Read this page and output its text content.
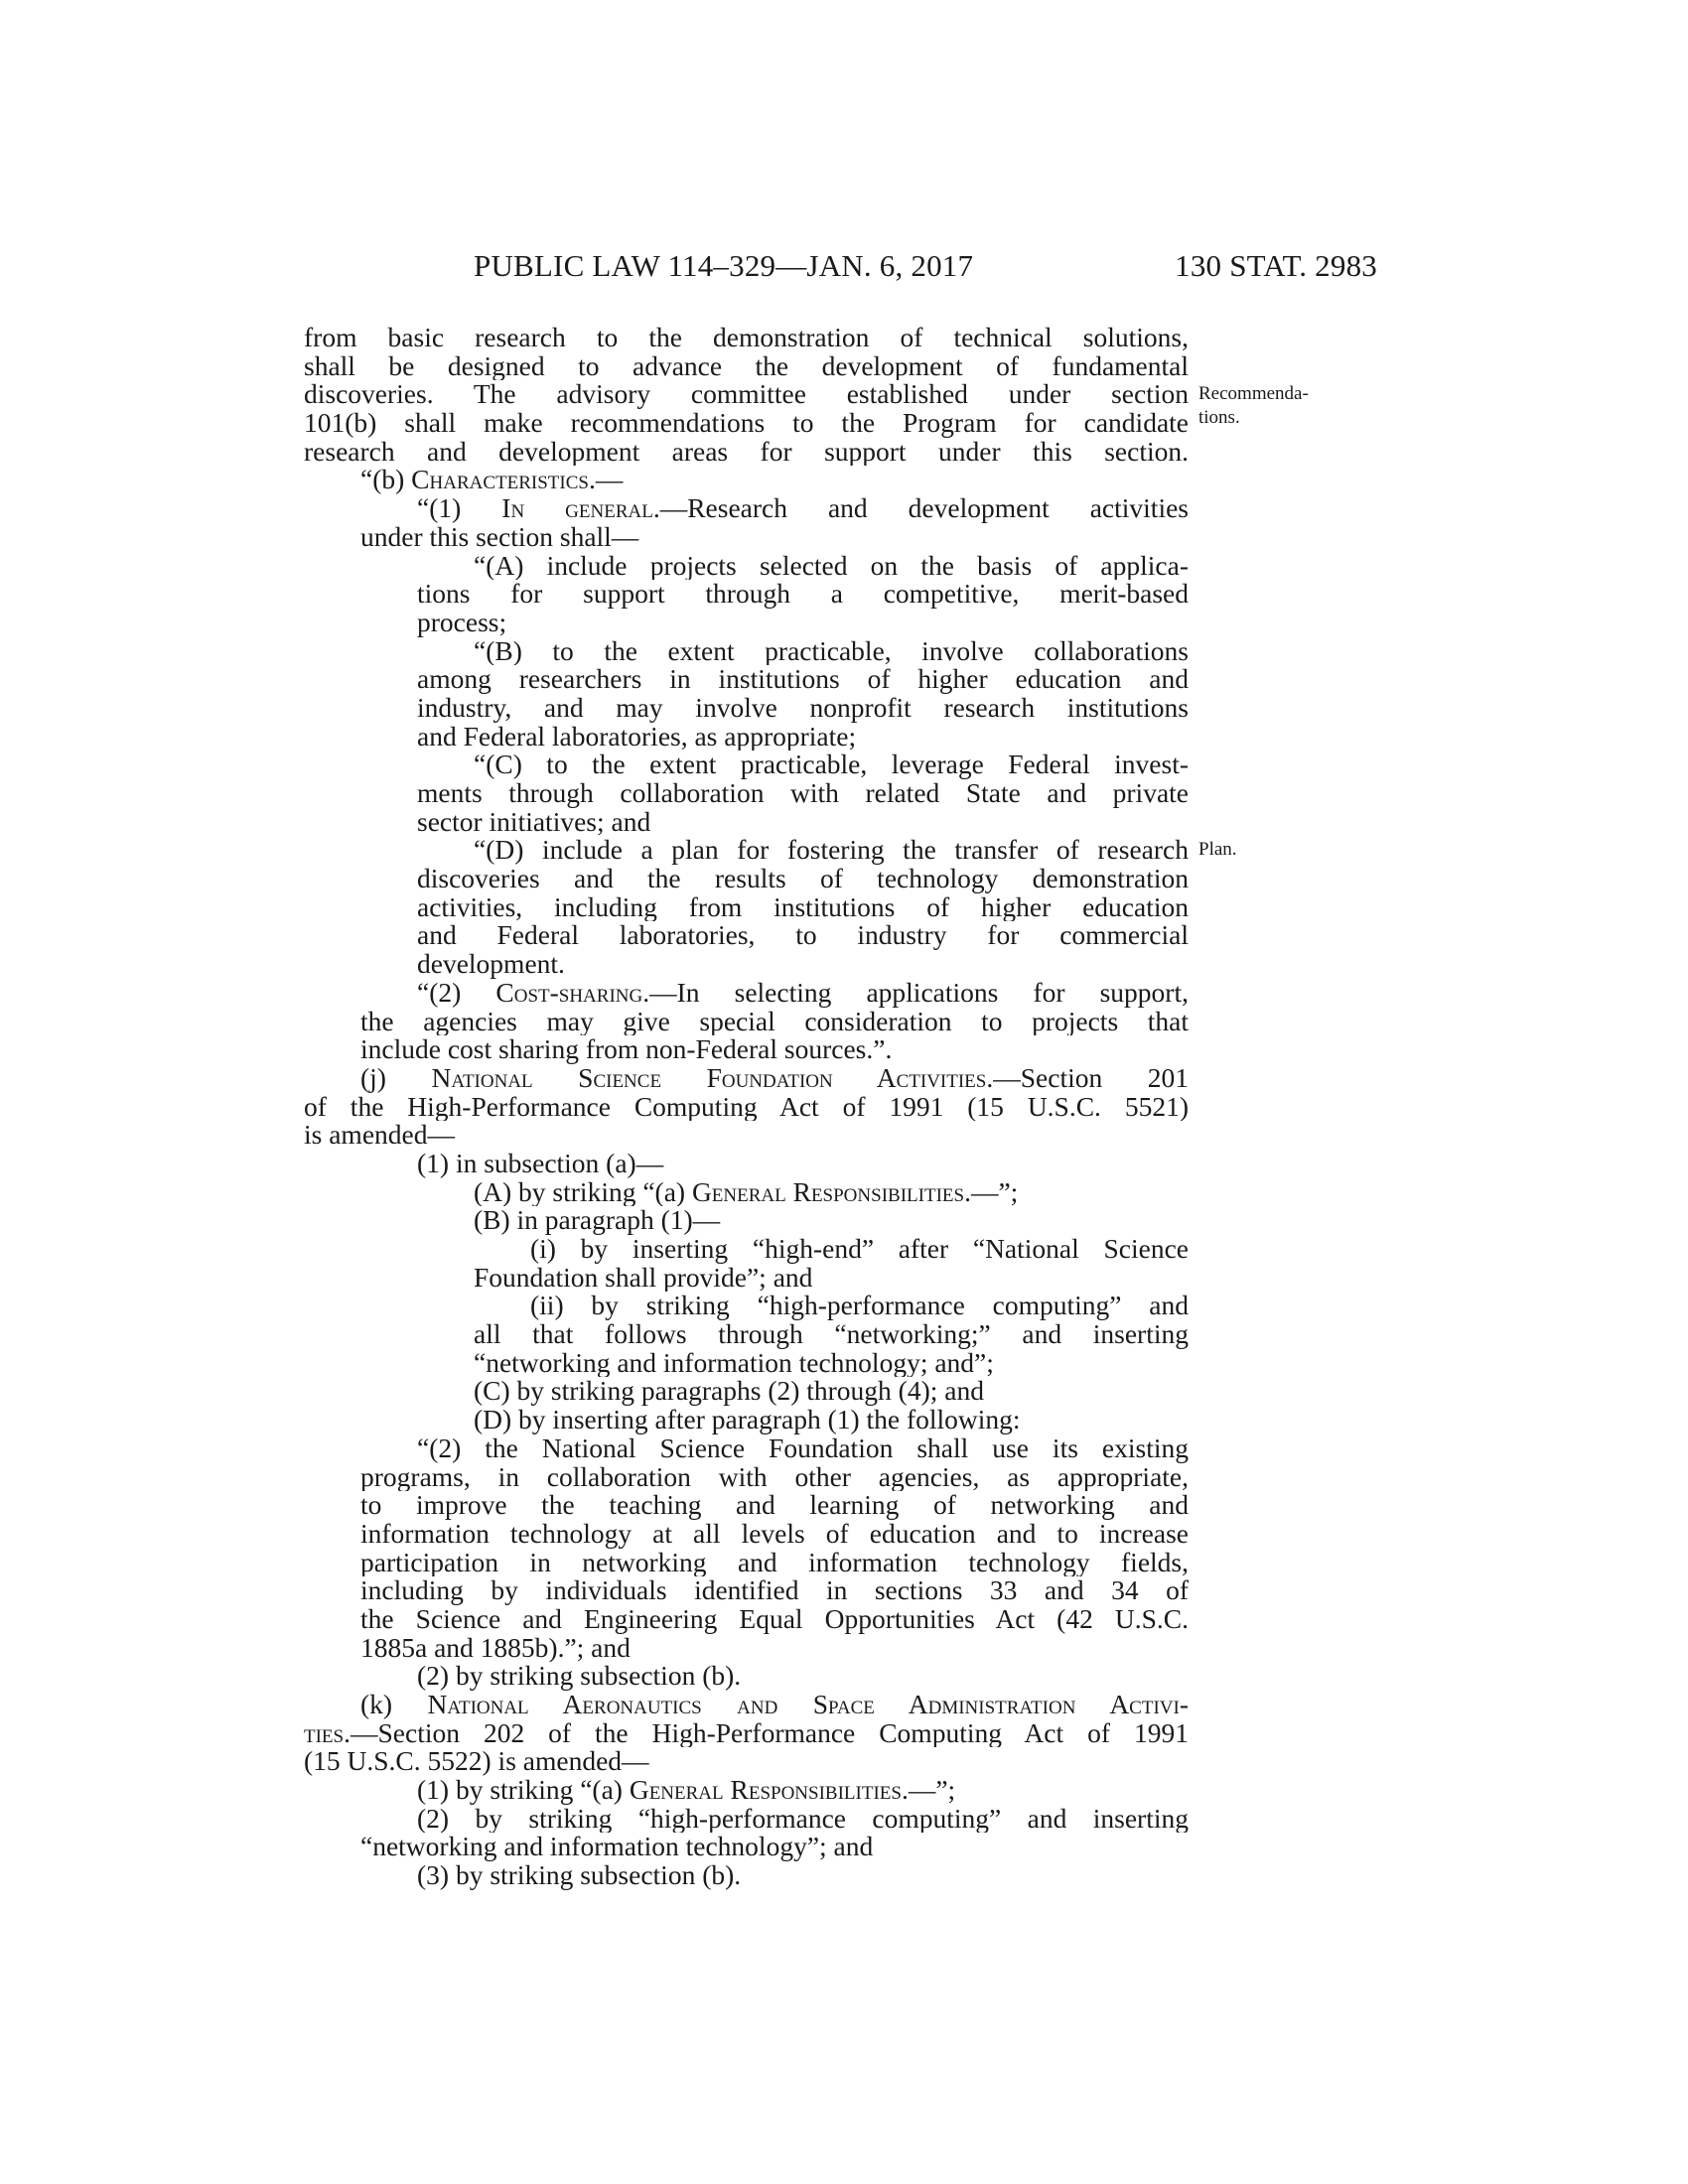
PUBLIC LAW 114–329—JAN. 6, 2017	130 STAT. 2983
Recommenda-
tions.
Plan.
from basic research to the demonstration of technical solutions,
shall be designed to advance the development of fundamental
discoveries. The advisory committee established under section
101(b) shall make recommendations to the Program for candidate
research and development areas for support under this section.
“(b) Characteristics.—
“(1) In general.—Research and development activities
under this section shall—
“(A) include projects selected on the basis of applica-
tions for support through a competitive, merit-based
process;
“(B) to the extent practicable, involve collaborations
among researchers in institutions of higher education and
industry, and may involve nonprofit research institutions
and Federal laboratories, as appropriate;
“(C) to the extent practicable, leverage Federal invest-
ments through collaboration with related State and private
sector initiatives; and
“(D) include a plan for fostering the transfer of research
discoveries and the results of technology demonstration
activities, including from institutions of higher education
and Federal laboratories, to industry for commercial
development.
“(2) Cost-sharing.—In selecting applications for support,
the agencies may give special consideration to projects that
include cost sharing from non-Federal sources.”.
(j) National Science Foundation Activities.—Section 201
of the High-Performance Computing Act of 1991 (15 U.S.C. 5521)
is amended—
(1) in subsection (a)—
(A) by striking “(a) General Responsibilities.—”;
(B) in paragraph (1)—
(i) by inserting “high-end” after “National Science
Foundation shall provide”; and
(ii) by striking “high-performance computing” and
all that follows through “networking;” and inserting
“networking and information technology; and”;
(C) by striking paragraphs (2) through (4); and
(D) by inserting after paragraph (1) the following:
“(2) the National Science Foundation shall use its existing
programs, in collaboration with other agencies, as appropriate,
to improve the teaching and learning of networking and
information technology at all levels of education and to increase
participation in networking and information technology fields,
including by individuals identified in sections 33 and 34 of
the Science and Engineering Equal Opportunities Act (42 U.S.C.
1885a and 1885b).”; and
(2) by striking subsection (b).
(k) National Aeronautics and Space Administration Activi-
ties.—Section 202 of the High-Performance Computing Act of 1991
(15 U.S.C. 5522) is amended—
(1) by striking “(a) General Responsibilities.—”;
(2) by striking “high-performance computing” and inserting
“networking and information technology”; and
(3) by striking subsection (b).
